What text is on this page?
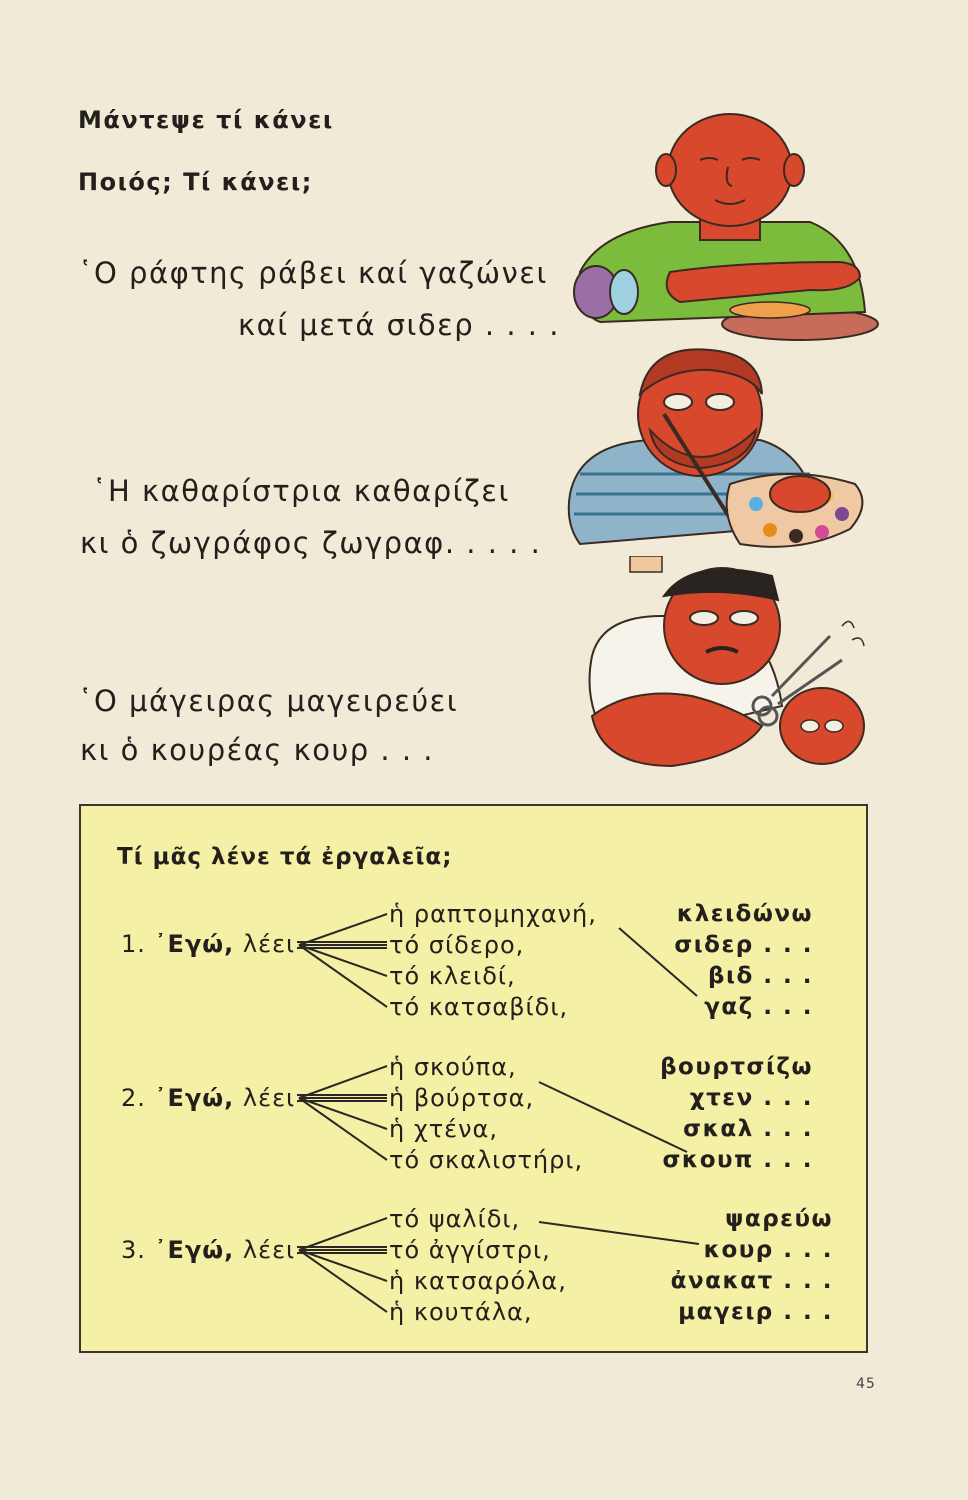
Μάντεψε τί κάνει
Ποιός; Τί κάνει;
῾Ο ράφτης ράβει καί γαζώνει
καί μετά σιδερ . . . .
῾Η καθαρίστρια καθαρίζει
κι ὁ ζωγράφος ζωγραφ. . . . .
῾Ο μάγειρας μαγειρεύει
κι ὁ κουρέας κουρ . . .
Τί μᾶς λένε τά ἐργαλεῖα;
1. ᾽Εγώ, λέει
ἡ ραπτομηχανή,
τό σίδερο,
τό κλειδί,
τό κατσαβίδι,
κλειδώνω
σιδερ . . .
βιδ . . .
γαζ . . .
2. ᾽Εγώ, λέει
ἡ σκούπα,
ἡ βούρτσα,
ἡ χτένα,
τό σκαλιστήρι,
βουρτσίζω
χτεν . . .
σκαλ . . .
σκουπ . . .
3. ᾽Εγώ, λέει
τό ψαλίδι,
τό ἀγγίστρι,
ἡ κατσαρόλα,
ἡ κουτάλα,
ψαρεύω
κουρ . . .
ἀνακατ . . .
μαγειρ . . .
45
